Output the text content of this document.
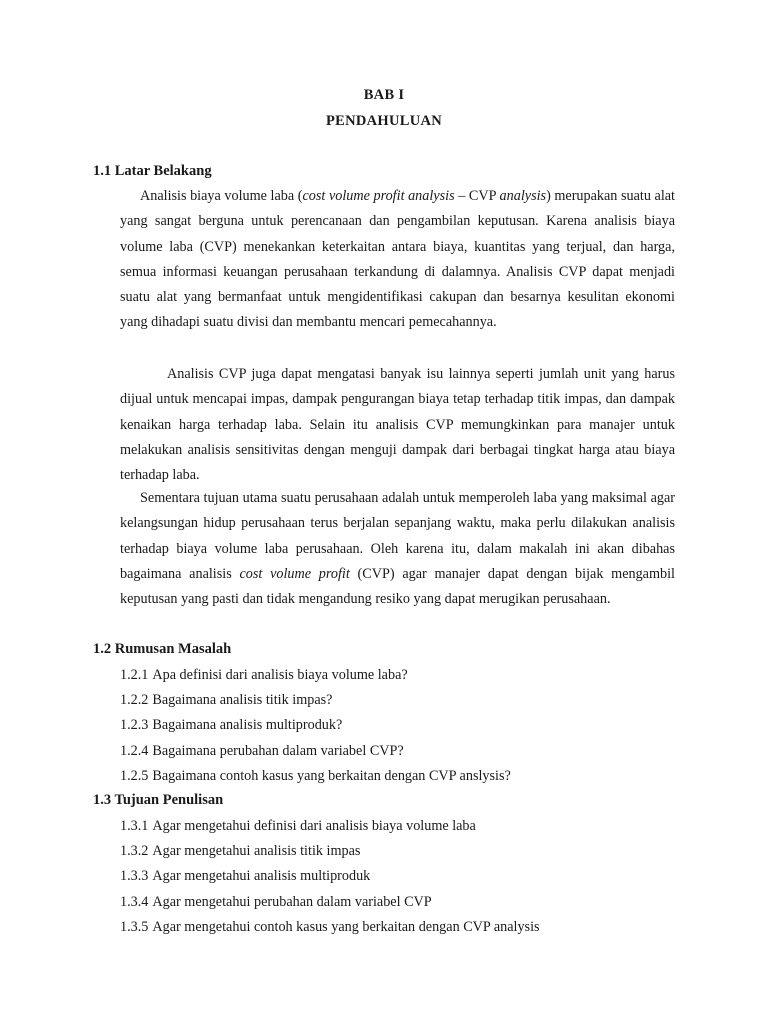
BAB I
PENDAHULUAN
1.1 Latar Belakang

Analisis biaya volume laba (cost volume profit analysis – CVP analysis) merupakan suatu alat yang sangat berguna untuk perencanaan dan pengambilan keputusan. Karena analisis biaya volume laba (CVP) menekankan keterkaitan antara biaya, kuantitas yang terjual, dan harga, semua informasi keuangan perusahaan terkandung di dalamnya. Analisis CVP dapat menjadi suatu alat yang bermanfaat untuk mengidentifikasi cakupan dan besarnya kesulitan ekonomi yang dihadapi suatu divisi dan membantu mencari pemecahannya.

Analisis CVP juga dapat mengatasi banyak isu lainnya seperti jumlah unit yang harus dijual untuk mencapai impas, dampak pengurangan biaya tetap terhadap titik impas, dan dampak kenaikan harga terhadap laba. Selain itu analisis CVP memungkinkan para manajer untuk melakukan analisis sensitivitas dengan menguji dampak dari berbagai tingkat harga atau biaya terhadap laba.

Sementara tujuan utama suatu perusahaan adalah untuk memperoleh laba yang maksimal agar kelangsungan hidup perusahaan terus berjalan sepanjang waktu, maka perlu dilakukan analisis terhadap biaya volume laba perusahaan. Oleh karena itu, dalam makalah ini akan dibahas bagaimana analisis cost volume profit (CVP) agar manajer dapat dengan bijak mengambil keputusan yang pasti dan tidak mengandung resiko yang dapat merugikan perusahaan.

1.2 Rumusan Masalah
1.2.1 Apa definisi dari analisis biaya volume laba?
1.2.2 Bagaimana analisis titik impas?
1.2.3 Bagaimana analisis multiproduk?
1.2.4 Bagaimana perubahan dalam variabel CVP?
1.2.5 Bagaimana contoh kasus yang berkaitan dengan CVP anslysis?
1.3 Tujuan Penulisan
1.3.1 Agar mengetahui definisi dari analisis biaya volume laba
1.3.2 Agar mengetahui analisis titik impas
1.3.3 Agar mengetahui analisis multiproduk
1.3.4 Agar mengetahui perubahan dalam variabel CVP
1.3.5 Agar mengetahui contoh kasus yang berkaitan dengan CVP analysis
